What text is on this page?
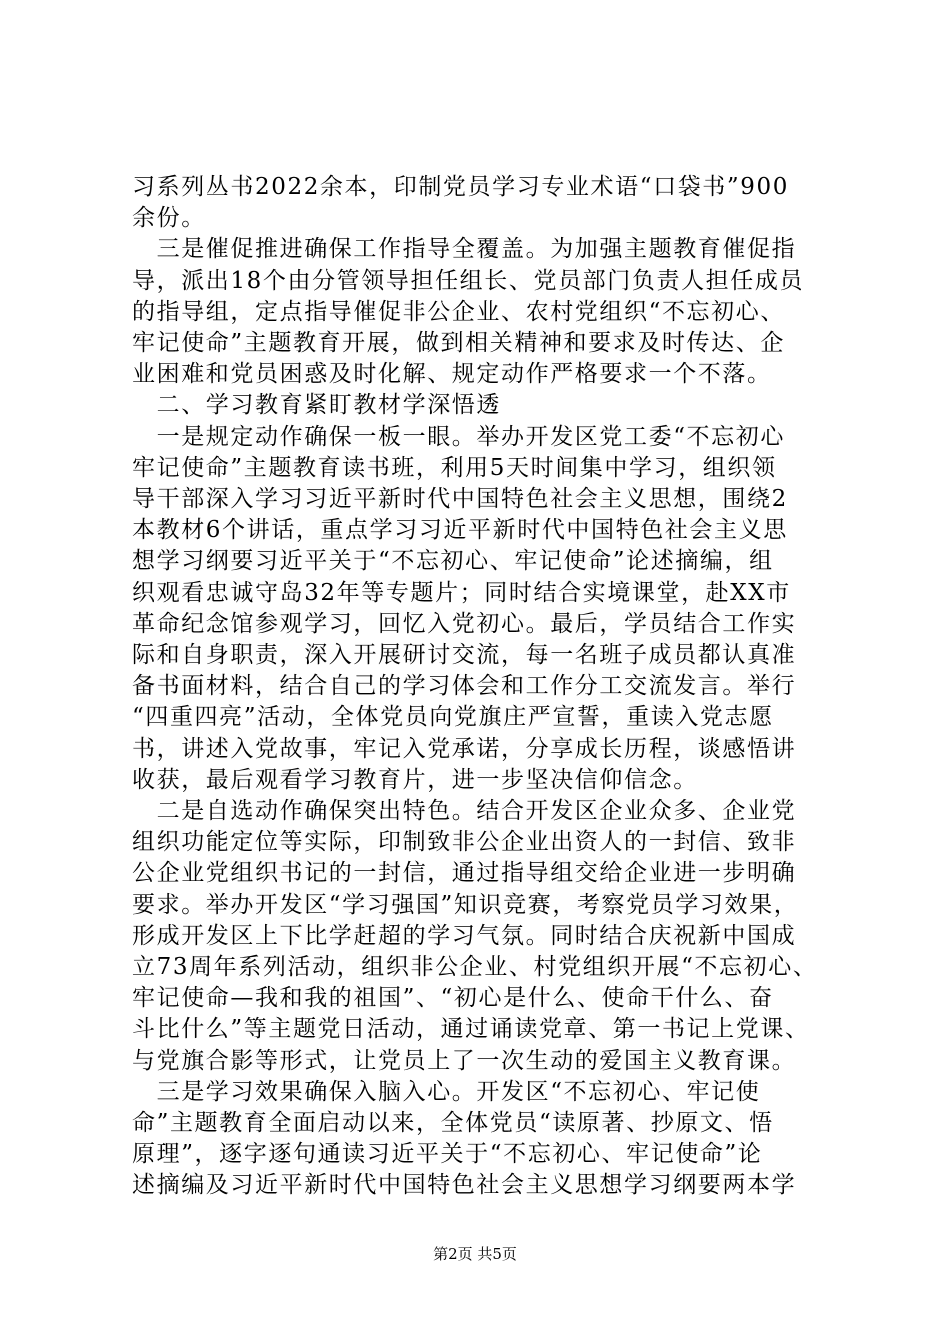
习系列丛书2022余本，印制党员学习专业术语“口袋书”900
余份。
　三是催促推进确保工作指导全覆盖。为加强主题教育催促指
导，派出18个由分管领导担任组长、党员部门负责人担任成员
的指导组，定点指导催促非公企业、农村党组织“不忘初心、
牢记使命”主题教育开展，做到相关精神和要求及时传达、企
业困难和党员困惑及时化解、规定动作严格要求一个不落。
　二、学习教育紧盯教材学深悟透
　一是规定动作确保一板一眼。举办开发区党工委“不忘初心
牢记使命”主题教育读书班，利用5天时间集中学习，组织领
导干部深入学习习近平新时代中国特色社会主义思想，围绕2
本教材6个讲话，重点学习习近平新时代中国特色社会主义思
想学习纲要习近平关于“不忘初心、牢记使命”论述摘编，组
织观看忠诚守岛32年等专题片；同时结合实境课堂，赴XX市
革命纪念馆参观学习，回忆入党初心。最后，学员结合工作实
际和自身职责，深入开展研讨交流，每一名班子成员都认真准
备书面材料，结合自己的学习体会和工作分工交流发言。举行
“四重四亮”活动，全体党员向党旗庄严宣誓，重读入党志愿
书，讲述入党故事，牢记入党承诺，分享成长历程，谈感悟讲
收获，最后观看学习教育片，进一步坚决信仰信念。
　二是自选动作确保突出特色。结合开发区企业众多、企业党
组织功能定位等实际，印制致非公企业出资人的一封信、致非
公企业党组织书记的一封信，通过指导组交给企业进一步明确
要求。举办开发区“学习强国”知识竞赛，考察党员学习效果，
形成开发区上下比学赶超的学习气氛。同时结合庆祝新中国成
立73周年系列活动，组织非公企业、村党组织开展“不忘初心、
牢记使命—我和我的祖国”、“初心是什么、使命干什么、奋
斗比什么”等主题党日活动，通过诵读党章、第一书记上党课、
与党旗合影等形式，让党员上了一次生动的爱国主义教育课。
　三是学习效果确保入脑入心。开发区“不忘初心、牢记使
命”主题教育全面启动以来，全体党员“读原著、抄原文、悟
原理”，逐字逐句通读习近平关于“不忘初心、牢记使命”论
述摘编及习近平新时代中国特色社会主义思想学习纲要两本学
第2页 共5页
